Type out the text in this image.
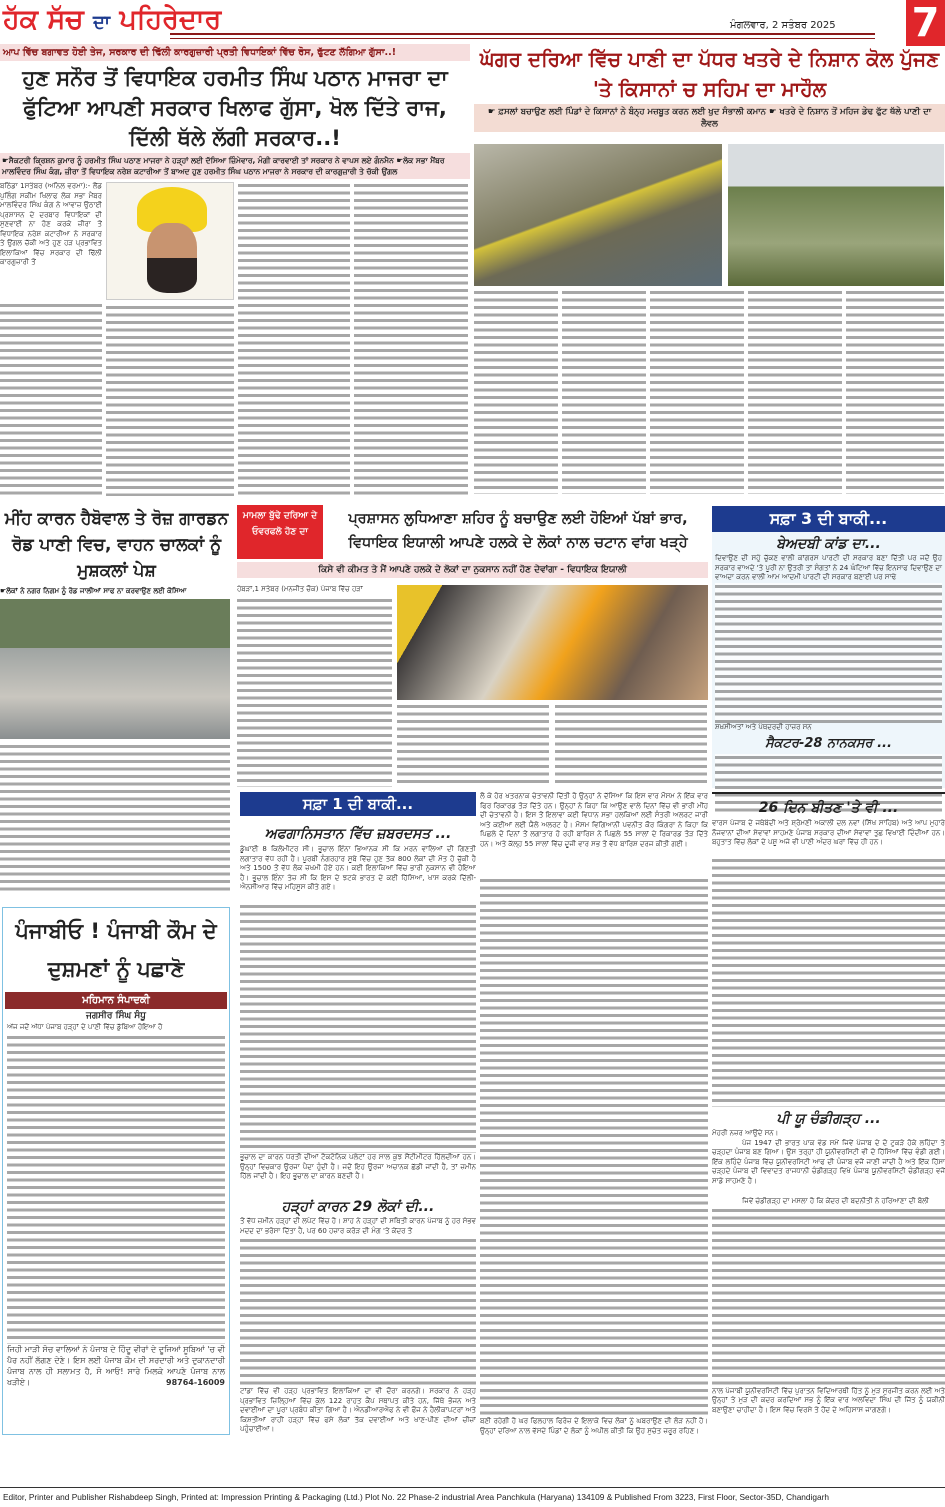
ਹੱਕ ਸੱਚ ਦਾ ਪਹਿਰੇਦਾਰ	ਮੰਗਲਵਾਰ, 2 ਸਤੰਬਰ 2025 7
ਆਪ ਵਿੱਚ ਬਗਾਵਤ ਹੋਈ ਤੇਜ, ਸਰਕਾਰ ਦੀ ਢਿੱਲੀ ਕਾਰਗੁਜ਼ਾਰੀ ਪ੍ਰਤੀ ਵਿਧਾਇਕਾਂ ਵਿੱਚ ਰੋਸ, ਫੁੱਟਣ ਲੱਗਿਆ ਗੁੱਸਾ..!
ਹੁਣ ਸਨੌਰ ਤੋਂ ਵਿਧਾਇਕ ਹਰਮੀਤ ਸਿੰਘ ਪਠਾਨ ਮਾਜਰਾ ਦਾ ਫੁੱਟਿਆ ਆਪਣੀ ਸਰਕਾਰ ਖਿਲਾਫ ਗੁੱਸਾ, ਖੋਲ ਦਿੱਤੇ ਰਾਜ, ਦਿੱਲੀ ਥੱਲੇ ਲੱਗੀ ਸਰਕਾਰ..!
☛ਸੈਕਟਰੀ ਕ੍ਰਿਸ਼ਨ ਕੁਮਾਰ ਨੂੰ ਹਰਮੀਤ ਸਿੰਘ ਪਠਾਣ ਮਾਜਰਾ ਨੇ ਹੜ੍ਹਾਂ ਲਈ ਦੱਸਿਆ ਜ਼ਿੰਮੇਵਾਰ, ਮੰਗੀ ਕਾਰਵਾਈ ਤਾਂ ਸਰਕਾਰ ਨੇ ਵਾਪਸ ਲਏ ਗੰਨਮੈਨ ☛ਲੋਕ ਸਭਾ ਮੈਂਬਰ ਮਾਲਵਿੰਦਰ ਸਿੰਘ ਕੰਗ, ਜ਼ੀਰਾ ਤੋਂ ਵਿਧਾਇਕ ਨਰੇਸ਼ ਕਟਾਰੀਆ ਤੋਂ ਬਾਅਦ ਹੁਣ ਹਰਮੀਤ ਸਿੰਘ ਪਠਾਨ ਮਾਜਰਾ ਨੇ ਸਰਕਾਰ ਦੀ ਕਾਰਗੁਜ਼ਾਰੀ ਤੇ ਚੱਕੀ ਉਂਗਲ
ਬਠਿੰਡਾ 1ਸਤੰਬਰ (ਅਨਿਲ ਵਰਮਾ):- ਲੈਂਡ ਪੁਲਿੰਗ ਸਕੀਮ ਖਿਲਾਫ ਲੋਕ ਸਭਾ ਮੈਂਬਰ ਮਾਲਵਿੰਦਰ ਸਿੰਘ ਕੰਗ ਨੇ ਆਵਾਜ਼ ਉਠਾਈ ਪ੍ਰਸ਼ਾਸਨ ਦੇ ਦਰਬਾਰ ਵਿਧਾਇਕਾਂ ਦੀ ਸੁਣਵਾਈ ਨਾ ਹੋਣ ਕਰਕੇ ਜ਼ੀਰਾ ਤੋਂ ਵਿਧਾਇਕ ਨਰੇਸ਼ ਕਟਾਰੀਆ ਨੇ ਸਰਕਾਰ ਤੇ ਉਂਗਲ ਚੱਕੀ ਅਤੇ ਹੁਣ ਹੜ ਪ੍ਰਭਾਵਿਤ ਇਲਾਕਿਆਂ ਵਿੱਚ ਸਰਕਾਰ ਦੀ ਢਿੱਲੀ ਕਾਰਗੁਜ਼ਾਰੀ ਤੋਂ
ਘੱਗਰ ਦਰਿਆ ਵਿੱਚ ਪਾਣੀ ਦਾ ਪੱਧਰ ਖਤਰੇ ਦੇ ਨਿਸ਼ਾਨ ਕੋਲ ਪੁੱਜਣ 'ਤੇ ਕਿਸਾਨਾਂ ਚ ਸਹਿਮ ਦਾ ਮਾਹੌਲ
☛ ਫ਼ਸਲਾਂ ਬਚਾਉਣ ਲਈ ਪਿੰਡਾਂ ਦੇ ਕਿਸਾਨਾਂ ਨੇ ਬੰਨ੍ਹ ਮਜ਼ਬੂਤ ਕਰਨ ਲਈ ਖੁਦ ਸੰਭਾਲੀ ਕਮਾਨ ☛ ਖਤਰੇ ਦੇ ਨਿਸ਼ਾਨ ਤੋਂ ਮਹਿਜ ਡੇਢ ਫੁੱਟ ਥੱਲੇ ਪਾਣੀ ਦਾ ਲੈਵਲ
ਮੀਂਹ ਕਾਰਨ ਹੈਬੋਵਾਲ ਤੇ ਰੋਜ਼ ਗਾਰਡਨ ਰੋਡ ਪਾਣੀ ਵਿਚ, ਵਾਹਨ ਚਾਲਕਾਂ ਨੂੰ ਮੁਸ਼ਕਲਾਂ ਪੇਸ਼
☛ਲੋਕਾਂ ਨੇ ਨਗਰ ਨਿਗਮ ਨੂੰ ਰੋਡ ਜਾਲੀਆਂ ਸਾਫ ਨਾ ਕਰਵਾਉਣ ਲਈ ਕੋਸਿਆ
ਮਾਮਲਾ ਬੁੱਢੇ ਦਰਿਆ ਦੇ ਓਵਰਫਲੋ ਹੋਣ ਦਾ
ਪ੍ਰਸ਼ਾਸਨ ਲੁਧਿਆਣਾ ਸ਼ਹਿਰ ਨੂੰ ਬਚਾਉਣ ਲਈ ਹੋਇਆਂ ਪੱਬਾਂ ਭਾਰ, ਵਿਧਾਇਕ ਇਯਾਲੀ ਆਪਣੇ ਹਲਕੇ ਦੇ ਲੋਕਾਂ ਨਾਲ ਚਟਾਨ ਵਾਂਗ ਖੜ੍ਹੇ
ਕਿਸੇ ਵੀ ਕੀਮਤ ਤੇ ਮੈਂ ਆਪਣੇ ਹਲਕੇ ਦੇ ਲੋਕਾਂ ਦਾ ਨੁਕਸਾਨ ਨਹੀਂ ਹੋਣ ਦੇਵਾਂਗਾ - ਵਿਧਾਇਕ ਇਯਾਲੀ
ਹੰਬੜਾਂ,1 ਸਤੰਬਰ (ਮਨਜੀਤ ਚੌਕ) ਪੰਜਾਬ ਵਿੱਚ ਹੜਾਂ
ਸਫ਼ਾ 3 ਦੀ ਬਾਕੀ...
ਬੇਅਦਬੀ ਕਾਂਡ ਦਾ...
ਦਿਵਾਉਣ ਦੀ ਸਹੁੰ ਚੁੱਕਣ ਵਾਲੀ ਕਾਂਗਰਸ ਪਾਰਟੀ ਦੀ ਸਰਕਾਰ ਬਣਾ ਦਿੱਤੀ ਪਰ ਜਦੋਂ ਉਹ ਸਰਕਾਰ ਵਾਅਦੇ 'ਤੇ ਪੂਰੀ ਨਾ ਉਤਰੀ ਤਾਂ ਸੰਗਤਾਂ ਨੇ 24 ਘੰਟਿਆਂ ਵਿੱਚ ਇਨਸਾਫ ਦਿਵਾਉਣ ਦਾ ਵਾਅਦਾ ਕਰਨ ਵਾਲੀ ਆਮ ਆਦਮੀ ਪਾਰਟੀ ਦੀ ਸਰਕਾਰ ਬਣਾਈ ਪਰ ਸਾਢੇ
ਸ਼ਖ਼ਸੀਅਤਾਂ ਅਤੇ ਪੰਥਦਰਦੀ ਹਾਜ਼ਰ ਸਨ
ਸੈਕਟਰ-28 ਨਾਨਕਸਰ ...
ਪੰਜਾਬੀਓ ! ਪੰਜਾਬੀ ਕੌਮ ਦੇ ਦੁਸ਼ਮਣਾਂ ਨੂੰ ਪਛਾਣੋ
ਮਹਿਮਾਨ ਸੰਪਾਦਕੀ
ਜਗਸੀਰ ਸਿੰਘ ਸੰਧੂ
ਅੱਜ ਜਦੋਂ ਅੱਧਾ ਪੰਜਾਬ ਹੜ੍ਹਾਂ ਦੇ ਪਾਣੀ ਵਿੱਚ ਡੁੱਬਿਆ ਹੋਇਆ ਹੈ
ਜਿਹੀ ਮਾੜੀ ਸੋਚ ਵਾਲਿਆਂ ਨੇ ਪੰਜਾਬ ਦੇ ਹਿੰਦੂ ਵੀਰਾਂ ਦੇ ਦੂਜਿਆਂ ਸੂਬਿਆਂ 'ਚ ਵੀ ਪੈਰ ਨਹੀਂ ਲੱਗਣ ਦੇਣੇ। ਇਸ ਲਈ ਪੰਜਾਬ ਕੌਮ ਦੀ ਸਰਦਾਰੀ ਅਤੇ ਦੁਕਾਨਦਾਰੀ ਪੰਜਾਬ ਨਾਲ ਹੀ ਸਲਾਮਤ ਹੈ, ਸੋ ਆਓ! ਸਾਰੇ ਮਿਲਕੇ ਆਪਣੇ ਪੰਜਾਬ ਨਾਲ ਖੜੀਏ।	98764-16009
ਸਫ਼ਾ 1 ਦੀ ਬਾਕੀ...
ਅਫਗਾਨਿਸਤਾਨ ਵਿੱਚ ਜ਼ਬਰਦਸਤ ...
ਡੂੰਘਾਈ 8 ਕਿਲੋਮੀਟਰ ਸੀ। ਭੂਚਾਲ ਇੰਨਾ ਭਿਆਨਕ ਸੀ ਕਿ ਮਰਨ ਵਾਲਿਆਂ ਦੀ ਗਿਣਤੀ ਲਗਾਤਾਰ ਵੱਧ ਰਹੀ ਹੈ। ਪੂਰਬੀ ਨੰਗਰਹਾਰ ਸੂਬੇ ਵਿੱਚ ਹੁਣ ਤੱਕ 800 ਲੋਕਾਂ ਦੀ ਮੌਤ ਹੋ ਚੁੱਕੀ ਹੈ ਅਤੇ 1500 ਤੋਂ ਵੱਧ ਲੋਕ ਜ਼ਖਮੀ ਹੋਏ ਹਨ। ਕਈ ਇਲਾਕਿਆਂ ਵਿੱਚ ਭਾਰੀ ਨੁਕਸਾਨ ਵੀ ਹੋਇਆ ਹੈ। ਭੂਚਾਲ ਇੰਨਾ ਤੇਜ਼ ਸੀ ਕਿ ਇਸ ਦੇ ਝਟਕੇ ਭਾਰਤ ਦੇ ਕਈ ਹਿੱਸਿਆਂ, ਖਾਸ ਕਰਕੇ ਦਿੱਲੀ-ਐਨਸੀਆਰ ਵਿੱਚ ਮਹਿਸੂਸ ਕੀਤੇ ਗਏ।
ਭੂਚਾਲ ਦਾ ਕਾਰਨ ਧਰਤੀ ਦੀਆਂ ਟੈਕਟੋਨਿਕ ਪਲੇਟਾਂ ਹਰ ਸਾਲ ਕੁਝ ਸੈਂਟੀਮੀਟਰ ਹਿੱਲਦੀਆਂ ਹਨ। ਉਨ੍ਹਾਂ ਵਿਚਕਾਰ ਊਰਜਾ ਪੈਦਾ ਹੁੰਦੀ ਹੈ। ਜਦੋਂ ਇਹ ਊਰਜਾ ਅਚਾਨਕ ਛੱਡੀ ਜਾਂਦੀ ਹੈ, ਤਾਂ ਜ਼ਮੀਨ ਹਿੱਲ ਜਾਂਦੀ ਹੈ। ਇਹ ਭੂਚਾਲ ਦਾ ਕਾਰਨ ਬਣਦੀ ਹੈ।
ਹੜ੍ਹਾਂ ਕਾਰਨ 29 ਲੋਕਾਂ ਦੀ...
ਤੋਂ ਵੱਧ ਜ਼ਮੀਨ ਹੜ੍ਹਾਂ ਦੀ ਲਪੇਟ ਵਿੱਚ ਹੈ। ਸ਼ਾਹ ਨੇ ਹੜ੍ਹਾਂ ਦੀ ਸਥਿਤੀ ਕਾਰਨ ਪੰਜਾਬ ਨੂੰ ਹਰ ਸੰਭਵ ਮਦਦ ਦਾ ਭਰੋਸਾ ਦਿੱਤਾ ਹੈ, ਪਰ 60 ਹਜ਼ਾਰ ਕਰੋੜ ਦੀ ਮੰਗ 'ਤੇ ਕੇਂਦਰ ਤੋਂ
ਟਾਂਡਾ ਵਿੱਚ ਵੀ ਹੜ੍ਹ ਪ੍ਰਭਾਵਿਤ ਇਲਾਕਿਆਂ ਦਾ ਵੀ ਦੌਰਾ ਕਰਨਗੇ। ਸਰਕਾਰ ਨੇ ਹੜ੍ਹ ਪ੍ਰਭਾਵਿਤ ਜ਼ਿਲ੍ਹਿਆਂ ਵਿੱਚ ਕੁੱਲ 122 ਰਾਹਤ ਕੈਂਪ ਸਥਾਪਤ ਕੀਤੇ ਹਨ, ਜਿੱਥੇ ਭੋਜਨ ਅਤੇ ਦਵਾਈਆਂ ਦਾ ਪੂਰਾ ਪ੍ਰਬੰਧ ਕੀਤਾ ਗਿਆ ਹੈ। ਐਨਡੀਆਰਐਫ ਨੇ ਵੀ ਫੌਜ ਨੇ ਹੈਲੀਕਾਪਟਰਾਂ ਅਤੇ ਕਿਸ਼ਤੀਆਂ ਰਾਹੀਂ ਹੜ੍ਹਾਂ ਵਿੱਚ ਫਸੇ ਲੋਕਾਂ ਤੱਕ ਦਵਾਈਆਂ ਅਤੇ ਖਾਣ-ਪੀਣ ਦੀਆਂ ਚੀਜ਼ਾਂ ਪਹੁੰਚਾਈਆਂ।
ਲੈ ਕੇ ਹੋਰ ਖਤਰਨਾਕ ਚੇਤਾਵਨੀ ਦਿੱਤੀ ਹੈ ਉਨ੍ਹਾਂ ਨੇ ਦੱਸਿਆ ਕਿ ਇਸ ਵਾਰ ਮੌਸਮ ਨੇ ਇੱਕ ਵਾਰ ਫਿਰ ਰਿਕਾਰਡ ਤੋੜ ਦਿੱਤੇ ਹਨ। ਉਨ੍ਹਾਂ ਨੇ ਕਿਹਾ ਕਿ ਆਉਣ ਵਾਲੇ ਦਿਨਾਂ ਵਿੱਚ ਵੀ ਭਾਰੀ ਮੀਂਹ ਦੀ ਚੇਤਾਵਨੀ ਹੈ। ਇਸ ਤੋਂ ਇਲਾਵਾ ਕਈ ਵਿਧਾਨ ਸਭਾ ਹਲਕਿਆਂ ਲਈ ਸੰਤਰੀ ਅਲਰਟ ਜਾਰੀ ਅਤੇ ਕਈਆਂ ਲਈ ਯੈਲੋ ਅਲਰਟ ਹੈ। ਮੌਸਮ ਵਿਗਿਆਨੀ ਪਵਨੀਤ ਕੌਰ ਕਿੰਗਰਾ ਨੇ ਕਿਹਾ ਕਿ ਪਿਛਲੇ ਦੋ ਦਿਨਾਂ ਤੋਂ ਲਗਾਤਾਰ ਹੋ ਰਹੀ ਬਾਰਿਸ਼ ਨੇ ਪਿਛਲੇ 55 ਸਾਲਾਂ ਦੇ ਰਿਕਾਰਡ ਤੋੜ ਦਿੱਤੇ ਹਨ। ਅਤੇ ਕੱਲ੍ਹ 55 ਸਾਲਾਂ ਵਿੱਚ ਦੂਜੀ ਵਾਰ ਸਭ ਤੋਂ ਵੱਧ ਬਾਰਿਸ਼ ਦਰਜ ਕੀਤੀ ਗਈ।
ਬਣੀ ਰਹੇਗੀ ਹੈ ਘਰ ਫਿਲਹਾਲ ਫਿਰੋਜ਼ ਦੇ ਇਲਾਕੇ ਵਿਚ ਲੋਕਾਂ ਨੂੰ ਘਬਰਾਉਣ ਦੀ ਲੋੜ ਨਹੀਂ ਹੈ। ਉਨ੍ਹਾਂ ਦਰਿਆ ਨਾਲ ਵੱਸਦੇ ਪਿੰਡਾਂ ਦੇ ਲੋਕਾਂ ਨੂੰ ਅਪੀਲ ਕੀਤੀ ਕਿ ਉਹ ਸੁਚੇਤ ਜ਼ਰੂਰ ਰਹਿਣ।
26 ਦਿਨ ਬੀਤਣ 'ਤੇ ਵੀ ...
ਵਾਰਸ ਪੰਜਾਬ ਦੇ ਜਥੇਬੰਦੀ ਅਤੇ ਸ਼੍ਰੋਮਣੀ ਅਕਾਲੀ ਦਲ ਨਵਾਂ (ਸਿੱਖ ਸਾਹਿਬ) ਅਤੇ ਆਪ ਮੁਹਾਰੇ ਨੌਜਵਾਨਾਂ ਦੀਆਂ ਸੇਵਾਵਾਂ ਸਾਹਮਣੇ ਪੰਜਾਬ ਸਰਕਾਰ ਦੀਆਂ ਸੇਵਾਵਾਂ ਤੁਛ ਵਿਖਾਈ ਦਿੰਦੀਆਂ ਹਨ। ਬਹੁਤਾਤ ਵਿੱਚ ਲੋਕਾਂ ਦੇ ਪਸ਼ੂ ਅਜੇ ਵੀ ਪਾਣੀ ਅੰਦਰ ਘਰਾਂ ਵਿੱਚ ਹੀ ਹਨ।
ਪੀ ਯੂ ਚੰਡੀਗੜ੍ਹ ...
ਮੋਹਰੀ ਨਜ਼ਰ ਆਉਂਦੇ ਸਨ।
ਪੰਜ 1947 ਦੀ ਭਾਰਤ ਪਾਕ ਵੰਡ ਸਮੇਂ ਜਿਵੇਂ ਪੰਜਾਬ ਦੇ ਦੋ ਟੁਕੜੇ ਹੋਕੇ ਲਹਿੰਦਾ ਤੇ ਚੜ੍ਹਦਾ ਪੰਜਾਬ ਬਣ ਗਿਆ। ਉਸ ਤਰ੍ਹਾਂ ਹੀ ਯੂਨੀਵਰਸਿਟੀ ਵੀ ਦੋ ਹਿੱਸਿਆਂ ਵਿੱਚ ਵੰਡੀ ਗਈ। ਇੱਕ ਲਹਿੰਦੇ ਪੰਜਾਬ ਵਿੱਚ ਯੂਨੀਵਰਸਿਟੀ ਆਫ ਦੀ ਪੰਜਾਬ ਵਜੋਂ ਜਾਣੀ ਜਾਂਦੀ ਹੈ ਅਤੇ ਇੱਕ ਹਿੱਸਾ ਚੜ੍ਹਦੇ ਪੰਜਾਬ ਦੀ ਵਿਵਾਦਤ ਰਾਜਧਾਨੀ ਚੰਡੀਗੜ੍ਹ ਵਿਖੇ ਪੰਜਾਬ ਯੂਨੀਵਰਸਿਟੀ ਚੰਡੀਗੜ੍ਹ ਵਜੋਂ ਸਾਡੇ ਸਾਹਮਣੇ ਹੈ।
ਜਿਵੇਂ ਚੰਡੀਗੜ੍ਹ ਦਾ ਮਸਲਾ ਹੈ ਕਿ ਕੇਂਦਰ ਦੀ ਬਦਨੀਤੀ ਨੇ ਹਰਿਆਣਾ ਦੀ ਬੋਲੀ
ਨਾਲ ਪੰਜਾਬੀ ਯੂਨੀਵਰਸਿਟੀ ਵਿੱਚ ਪੁਰਾਤਨ ਵਿਦਿਆਰਥੀ ਹਿੱਤ ਨੂੰ ਮੁੜ ਸੁਰਜੀਤ ਕਰਨ ਲਈ ਅਤੇ ਉਨ੍ਹਾਂ ਤੇ ਮੁੜ ਦੀ ਕਦਰ ਕਰਦਿਆਂ ਸਭ ਨੂੰ ਇੱਕ ਵਾਰ ਅਲਵਿਦਾ ਸਿੰਘ ਦੀ ਜਿੱਤ ਨੂੰ ਯਕੀਨੀ ਬਣਾਉਣਾ ਚਾਹੀਦਾ ਹੈ। ਇਸ ਵਿੱਚ ਵਿਰਸੇ ਤੇ ਹੋਂਦ ਦੇ ਅਹਿਸਾਸ ਜਾਗਣਗੇ।
Editor, Printer and Publisher Rishabdeep Singh, Printed at: Impression Printing & Packaging (Ltd.) Plot No. 22 Phase-2 industrial Area Panchkula (Haryana) 134109 & Published From 3223, First Floor, Sector-35D, Chandigarh
